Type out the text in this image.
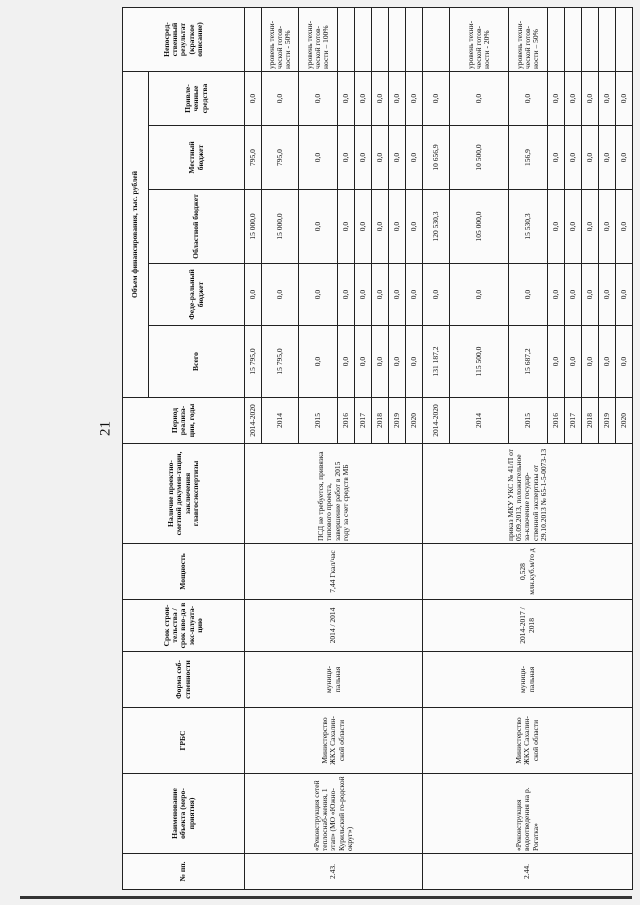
21
№ пп.	Наименование объекта (меро-приятия)	ГРБС	Форма соб-ственности	Срок строи-тельства / срок вво-да в экс-плуата-цию	Мощность	Наличие проектно-сметной докумен-тации, заключения главгосэкспертизы	Период реализа-ции, годы	Объем финансирования, тыс. рублей					Непосред-ственный результат (краткое описание)
								Всего	Феде-ральный бюджет	Областной бюджет	Местный бюджет	Привле-ченные средства	
2.43.	«Реконструкция сетей теплоснаб-жения, 1 этап» (МО «Южно-Курильский го-родской округ»)	Министерство ЖКХ Сахалин-ской области	муници-пальная	2014 / 2014	7,44 Гкал/час	ПСД не требуется, привязка типового проекта, завершение работ в 2015 году за счет средств МБ	2014-2020	15 795,0	0,0	15 000,0	795,0	0,0	
							2014	15 795,0	0,0	15 000,0	795,0	0,0	уровень техни-ческой готов-ности - 50%
							2015	0,0	0,0	0,0	0,0	0,0	уровень техни-ческой готов-ности – 100%
							2016	0,0	0,0	0,0	0,0	0,0	
							2017	0,0	0,0	0,0	0,0	0,0	
							2018	0,0	0,0	0,0	0,0	0,0	
							2019	0,0	0,0	0,0	0,0	0,0	
							2020	0,0	0,0	0,0	0,0	0,0	
2.44.	«Реконструкция водоотведения на р. Рогатка»	Министерство ЖКХ Сахалин-ской области	муници-пальная	2014-2017 / 2018	0,528 млн.куб.м/го д	приказ МКУ УКС № 41/П от 05.09.2013, положительное за-ключение государ-ственной экспертизы от 29.10.2013 № 65-1-5-0073-13	2014-2020	131 187,2	0,0	120 530,3	10 656,9	0,0	
							2014	115 500,0	0,0	105 000,0	10 500,0	0,0	уровень техни-ческой готов-ности - 20%
							2015	15 687,2	0,0	15 530,3	156,9	0,0	уровень техни-ческой готов-ности – 50%
							2016	0,0	0,0	0,0	0,0	0,0	
							2017	0,0	0,0	0,0	0,0	0,0	
							2018	0,0	0,0	0,0	0,0	0,0	
							2019	0,0	0,0	0,0	0,0	0,0	
							2020	0,0	0,0	0,0	0,0	0,0	
